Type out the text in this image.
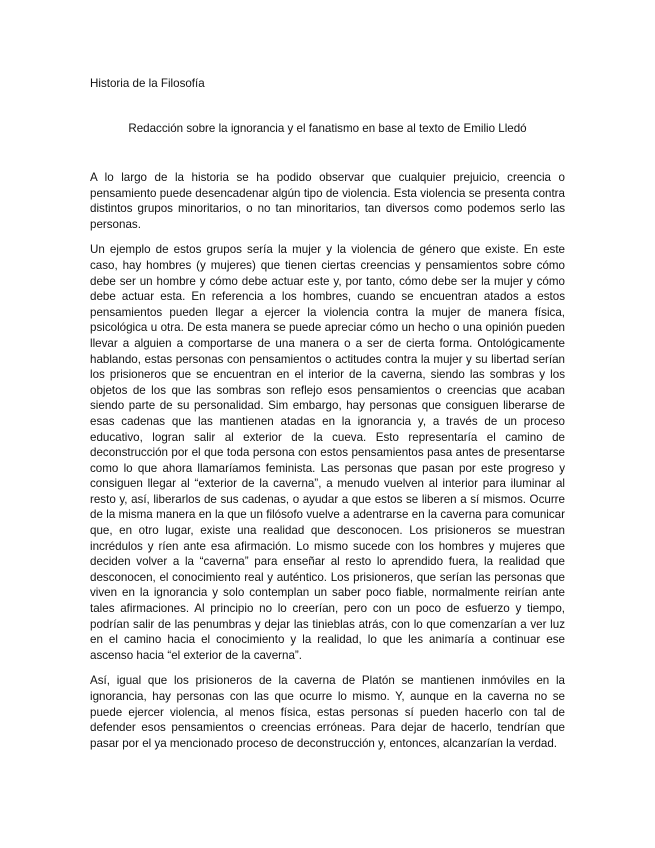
Historia de la Filosofía

Redacción sobre la ignorancia y el fanatismo en base al texto de Emilio Lledó

A lo largo de la historia se ha podido observar que cualquier prejuicio, creencia o pensamiento puede desencadenar algún tipo de violencia. Esta violencia se presenta contra distintos grupos minoritarios, o no tan minoritarios, tan diversos como podemos serlo las personas.

Un ejemplo de estos grupos sería la mujer y la violencia de género que existe. En este caso, hay hombres (y mujeres) que tienen ciertas creencias y pensamientos sobre cómo debe ser un hombre y cómo debe actuar este y, por tanto, cómo debe ser la mujer y cómo debe actuar esta. En referencia a los hombres, cuando se encuentran atados a estos pensamientos pueden llegar a ejercer la violencia contra la mujer de manera física, psicológica u otra. De esta manera se puede apreciar cómo un hecho o una opinión pueden llevar a alguien a comportarse de una manera o a ser de cierta forma. Ontológicamente hablando, estas personas con pensamientos o actitudes contra la mujer y su libertad serían los prisioneros que se encuentran en el interior de la caverna, siendo las sombras y los objetos de los que las sombras son reflejo esos pensamientos o creencias que acaban siendo parte de su personalidad. Sim embargo, hay personas que consiguen liberarse de esas cadenas que las mantienen atadas en la ignorancia y, a través de un proceso educativo, logran salir al exterior de la cueva. Esto representaría el camino de deconstrucción por el que toda persona con estos pensamientos pasa antes de presentarse como lo que ahora llamaríamos feminista. Las personas que pasan por este progreso y consiguen llegar al “exterior de la caverna”, a menudo vuelven al interior para iluminar al resto y, así, liberarlos de sus cadenas, o ayudar a que estos se liberen a sí mismos. Ocurre de la misma manera en la que un filósofo vuelve a adentrarse en la caverna para comunicar que, en otro lugar, existe una realidad que desconocen. Los prisioneros se muestran incrédulos y ríen ante esa afirmación. Lo mismo sucede con los hombres y mujeres que deciden volver a la “caverna” para enseñar al resto lo aprendido fuera, la realidad que desconocen, el conocimiento real y auténtico. Los prisioneros, que serían las personas que viven en la ignorancia y solo contemplan un saber poco fiable, normalmente reirían ante tales afirmaciones. Al principio no lo creerían, pero con un poco de esfuerzo y tiempo, podrían salir de las penumbras y dejar las tinieblas atrás, con lo que comenzarían a ver luz en el camino hacia el conocimiento y la realidad, lo que les animaría a continuar ese ascenso hacia “el exterior de la caverna”.

Así, igual que los prisioneros de la caverna de Platón se mantienen inmóviles en la ignorancia, hay personas con las que ocurre lo mismo. Y, aunque en la caverna no se puede ejercer violencia, al menos física, estas personas sí pueden hacerlo con tal de defender esos pensamientos o creencias erróneas. Para dejar de hacerlo, tendrían que pasar por el ya mencionado proceso de deconstrucción y, entonces, alcanzarían la verdad.
